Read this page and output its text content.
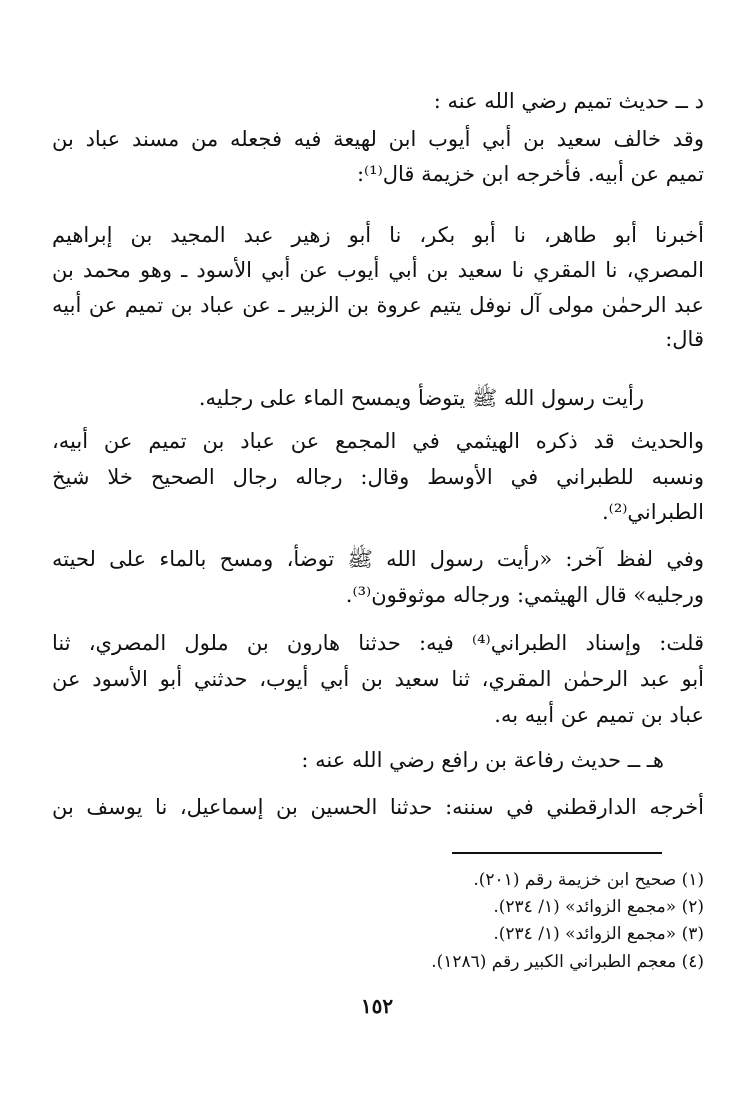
د ــ حديث تميم رضي الله عنه :
وقد خالف سعيد بن أبي أيوب ابن لهيعة فيه فجعله من مسند عباد بن
تميم عن أبيه. فأخرجه ابن خزيمة قال⁽¹⁾:
أخبرنا أبو طاهر، نا أبو بكر، نا أبو زهير عبد المجيد بن إبراهيم
المصري، نا المقري نا سعيد بن أبي أيوب عن أبي الأسود ـ وهو محمد بن
عبد الرحمٰن مولى آل نوفل يتيم عروة بن الزبير ـ عن عباد بن تميم عن أبيه
قال:
رأيت رسول الله ﷺ يتوضأ ويمسح الماء على رجليه.
والحديث قد ذكره الهيثمي في المجمع عن عباد بن تميم عن أبيه،
ونسبه للطبراني في الأوسط وقال: رجاله رجال الصحيح خلا شيخ
الطبراني⁽²⁾.
وفي لفظ آخر: «رأيت رسول الله ﷺ توضأ، ومسح بالماء على لحيته
ورجليه» قال الهيثمي: ورجاله موثوقون⁽³⁾.
قلت: وإسناد الطبراني⁽⁴⁾ فيه: حدثنا هارون بن ملول المصري، ثنا
أبو عبد الرحمٰن المقري، ثنا سعيد بن أبي أيوب، حدثني أبو الأسود عن
عباد بن تميم عن أبيه به.
هـ ــ حديث رفاعة بن رافع رضي الله عنه :
أخرجه الدارقطني في سننه: حدثنا الحسين بن إسماعيل، نا يوسف بن
(١) صحيح ابن خزيمة رقم (٢٠١).
(٢) «مجمع الزوائد» (١/ ٢٣٤).
(٣) «مجمع الزوائد» (١/ ٢٣٤).
(٤) معجم الطبراني الكبير رقم (١٢٨٦).
١٥٢
